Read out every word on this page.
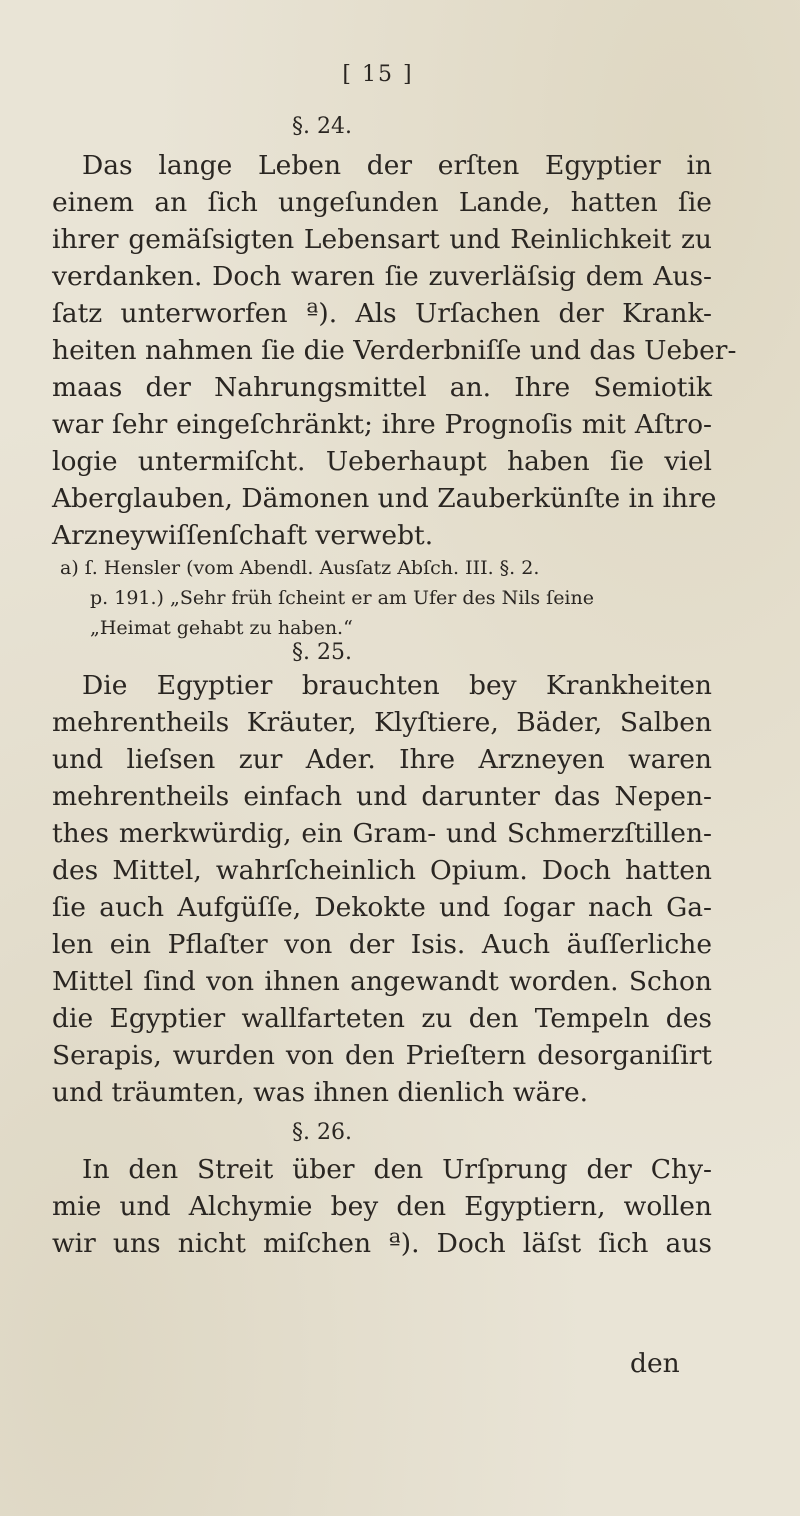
[ 15 ]
§. 24.
Das lange Leben der erſten Egyptier in
einem an ſich ungeſunden Lande, hatten ſie
ihrer gemäſsigten Lebensart und Reinlichkeit zu
verdanken. Doch waren ſie zuverläſsig dem Aus-
ſatz unterworfen ª). Als Urſachen der Krank-
heiten nahmen ſie die Verderbniſſe und das Ueber-
maas der Nahrungsmittel an. Ihre Semiotik
war ſehr eingeſchränkt; ihre Prognoſis mit Aſtro-
logie untermiſcht. Ueberhaupt haben ſie viel
Aberglauben, Dämonen und Zauberkünſte in ihre
Arzneywiſſenſchaft verwebt.
a) ſ. Hensler (vom Abendl. Ausſatz Abſch. III. §. 2.
p. 191.) „Sehr früh ſcheint er am Ufer des Nils ſeine
„Heimat gehabt zu haben.“
§. 25.
Die Egyptier brauchten bey Krankheiten
mehrentheils Kräuter, Klyſtiere, Bäder, Salben
und lieſsen zur Ader. Ihre Arzneyen waren
mehrentheils einfach und darunter das Nepen-
thes merkwürdig, ein Gram- und Schmerzſtillen-
des Mittel, wahrſcheinlich Opium. Doch hatten
ſie auch Aufgüſſe, Dekokte und ſogar nach Ga-
len ein Pflaſter von der Isis. Auch äuſſerliche
Mittel ſind von ihnen angewandt worden. Schon
die Egyptier wallfarteten zu den Tempeln des
Serapis, wurden von den Prieſtern desorganiſirt
und träumten, was ihnen dienlich wäre.
§. 26.
In den Streit über den Urſprung der Chy-
mie und Alchymie bey den Egyptiern, wollen
wir uns nicht miſchen ª). Doch läſst ſich aus
den
